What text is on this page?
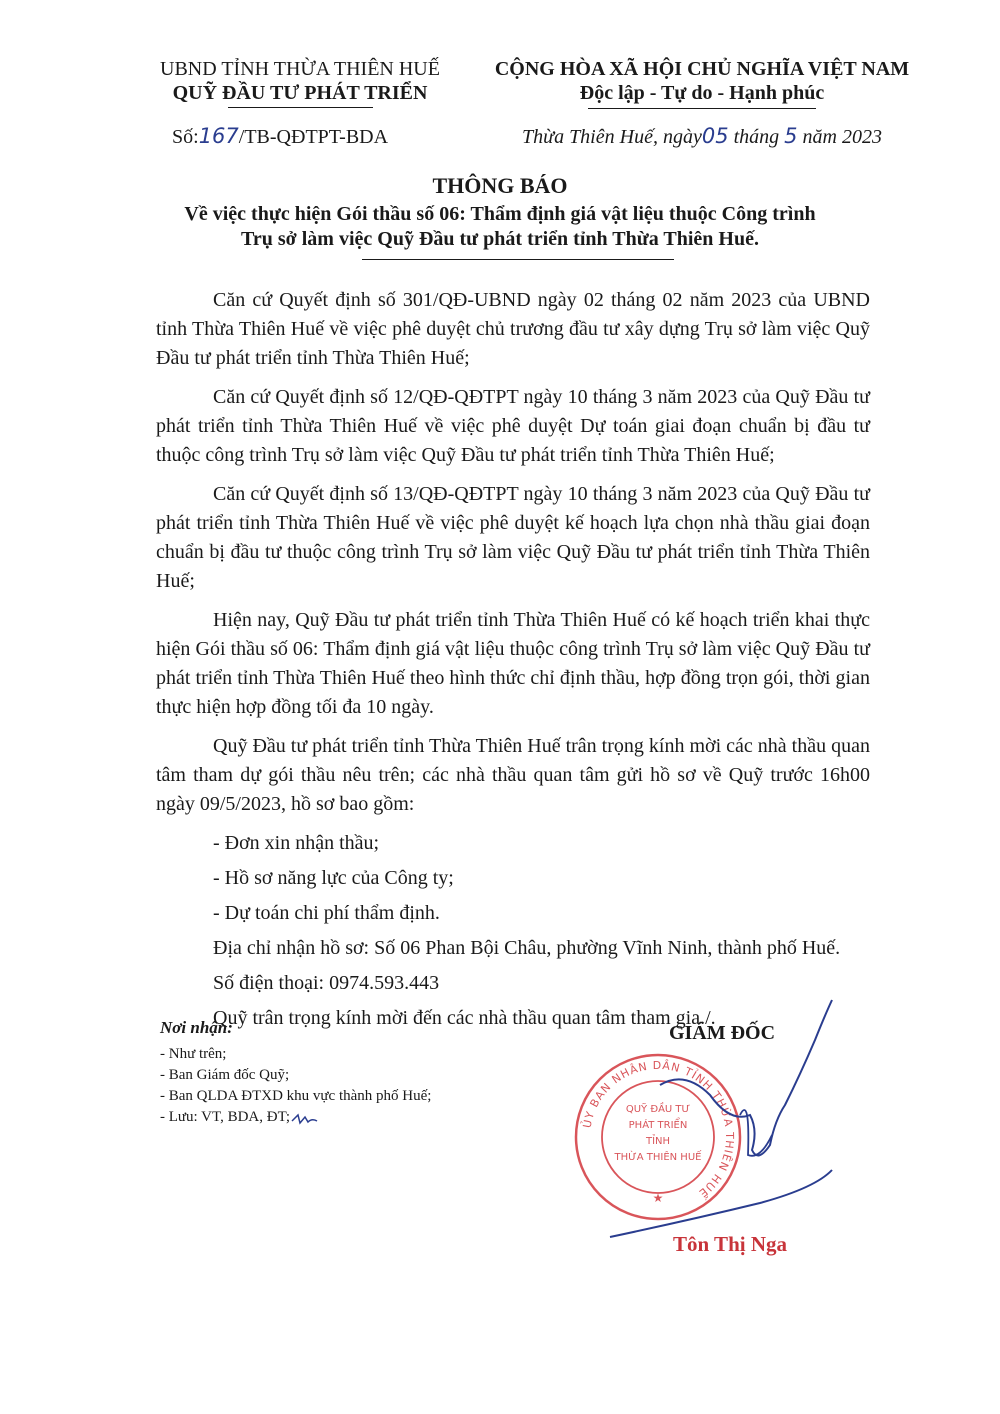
UBND TỈNH THỪA THIÊN HUẾ
QUỸ ĐẦU TƯ PHÁT TRIỂN
CỘNG HÒA XÃ HỘI CHỦ NGHĨA VIỆT NAM
Độc lập - Tự do - Hạnh phúc
Số:167/TB-QĐTPT-BDA	Thừa Thiên Huế, ngày05 tháng 5 năm 2023
THÔNG BÁO
Về việc thực hiện Gói thầu số 06: Thẩm định giá vật liệu thuộc Công trình
Trụ sở làm việc Quỹ Đầu tư phát triển tỉnh Thừa Thiên Huế.

Căn cứ Quyết định số 301/QĐ-UBND ngày 02 tháng 02 năm 2023 của UBND tỉnh Thừa Thiên Huế về việc phê duyệt chủ trương đầu tư xây dựng Trụ sở làm việc Quỹ Đầu tư phát triển tỉnh Thừa Thiên Huế;

Căn cứ Quyết định số 12/QĐ-QĐTPT ngày 10 tháng 3 năm 2023 của Quỹ Đầu tư phát triển tỉnh Thừa Thiên Huế về việc phê duyệt Dự toán giai đoạn chuẩn bị đầu tư thuộc công trình Trụ sở làm việc Quỹ Đầu tư phát triển tỉnh Thừa Thiên Huế;

Căn cứ Quyết định số 13/QĐ-QĐTPT ngày 10 tháng 3 năm 2023 của Quỹ Đầu tư phát triển tỉnh Thừa Thiên Huế về việc phê duyệt kế hoạch lựa chọn nhà thầu giai đoạn chuẩn bị đầu tư thuộc công trình Trụ sở làm việc Quỹ Đầu tư phát triển tỉnh Thừa Thiên Huế;

Hiện nay, Quỹ Đầu tư phát triển tỉnh Thừa Thiên Huế có kế hoạch triển khai thực hiện Gói thầu số 06: Thẩm định giá vật liệu thuộc công trình Trụ sở làm việc Quỹ Đầu tư phát triển tỉnh Thừa Thiên Huế theo hình thức chỉ định thầu, hợp đồng trọn gói, thời gian thực hiện hợp đồng tối đa 10 ngày.

Quỹ Đầu tư phát triển tỉnh Thừa Thiên Huế trân trọng kính mời các nhà thầu quan tâm tham dự gói thầu nêu trên; các nhà thầu quan tâm gửi hồ sơ về Quỹ trước 16h00 ngày 09/5/2023, hồ sơ bao gồm:

- Đơn xin nhận thầu;

- Hồ sơ năng lực của Công ty;

- Dự toán chi phí thẩm định.

Địa chỉ nhận hồ sơ: Số 06 Phan Bội Châu, phường Vĩnh Ninh, thành phố Huế.

Số điện thoại: 0974.593.443

Quỹ trân trọng kính mời đến các nhà thầu quan tâm tham gia./.

Nơi nhận:
- Như trên;
- Ban Giám đốc Quỹ;
- Ban QLDA ĐTXD khu vực thành phố Huế;
- Lưu: VT, BDA, ĐT;
GIÁM ĐỐC
ỦY BAN NHÂN DÂN TỈNH THỪA THIÊN HUẾ
QUỸ ĐẦU TƯ
PHÁT TRIỂN
TỈNH
THỪA THIÊN HUẾ
★
Tôn Thị Nga
